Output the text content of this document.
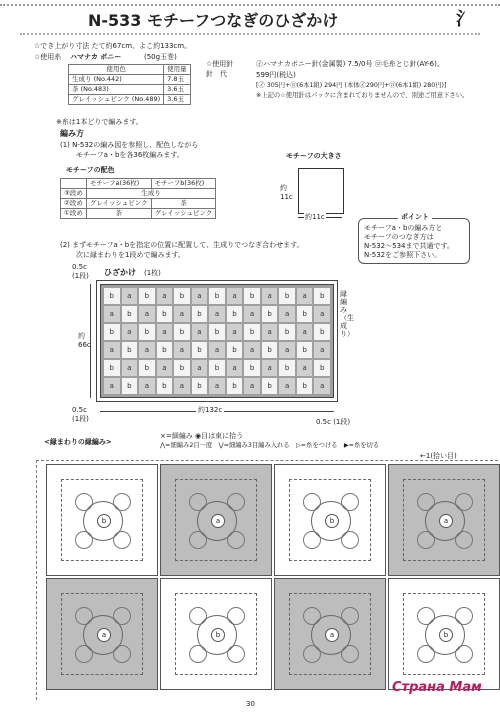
N-533 モチーフつなぎのひざかけ	⺡
☆でき上がり寸法 たて約67cm、よこ約133cm。
☆使用糸 ハマナカ ボニー	(50g玉巻)
使用色	使用量
生成り (No.442)	7.8玉
茶 (No.483)	3.6玉
グレイッシュピンク (No.489)	3.6玉
☆使用針
針　代
㋑ハマナカボニー針(金属製) 7.5/0号 ㋺毛糸とじ針(AY-6)。
599円(税込)
[㋑ 305円+㋺(6本1組) 294円 (本体㋑290円+㋺(6本1組) 280円)]
※上記の☆使用針はパックに含まれておりませんので、別途ご用意下さい。
※糸は1本どりで編みます。
編み方
(1) N-532の編み図を参照し、配色しながら
モチーフa・bを各36枚編みます。
モチーフの配色
	モチーフa(36枚)	モチーフb(36枚)
③段め	生成り	
②段め	グレイッシュピンク	茶
①段め	茶	グレイッシュピンク
モチーフの大きさ
約11c
約11c	ポイント
モチーフa・bの編み方と
モチーフのつなぎ方は
N-532～534まで共通です。
N-532をご参照下さい。
(2) まずモチーフa・bを指定の位置に配置して、生成りでつなぎ合わせます。
次に縁まわりを1段めで編みます。
0.5c
(1段) ひざかけ (1枚)
b	a	b	a	b	a	b	a	b	a	b	a	b
a	b	a	b	a	b	a	b	a	b	a	b	a
b	a	b	a	b	a	b	a	b	a	b	a	b
a	b	a	b	a	b	a	b	a	b	a	b	a
b	a	b	a	b	a	b	a	b	a	b	a	b
a	b	a	b	a	b	a	b	a	b	a	b	a
約66c
縁編み（生成り）
0.5c
(1段)
約132c
0.5c (1段)
<縁まわりの縁編み>
×=細編み ◉目は束に拾う
⋀=細編み2目一度　⋁=細編み3目編み入れる　▷=糸をつける　▶=糸を切る
←1(拾い目)
b	a	b	a
a	b	a	b
30
Страна Мам
